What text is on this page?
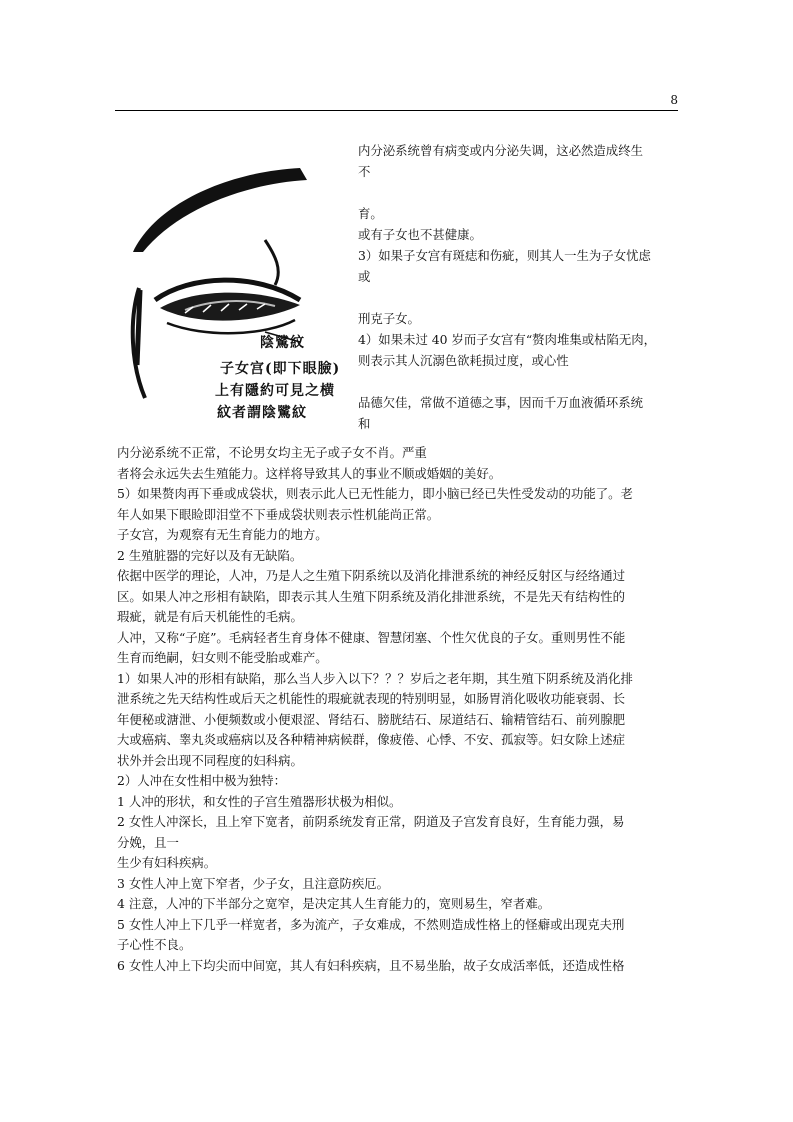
8
陰騭紋
子女宫(即下眼臉)
上有隱約可見之横
紋者謂陰騭紋

内分泌系统曾有病变或内分泌失调，这必然造成终生

不

育。

或有子女也不甚健康。

3）如果子女宫有斑痣和伤疵，则其人一生为子女忧虑

或

刑克子女。

4）如果未过 40 岁而子女宫有“赘肉堆集或枯陷无肉，

则表示其人沉溺色欲耗损过度，或心性

品德欠佳，常做不道德之事，因而千万血液循环系统

和

内分泌系统不正常，不论男女均主无子或子女不肖。严重

者将会永远失去生殖能力。这样将导致其人的事业不顺或婚姻的美好。

5）如果赘肉再下垂或成袋状，则表示此人已无性能力，即小脑已经已失性受发动的功能了。老

年人如果下眼睑即泪堂不下垂成袋状则表示性机能尚正常。

子女宫，为观察有无生育能力的地方。

2 生殖脏器的完好以及有无缺陷。

依据中医学的理论，人冲，乃是人之生殖下阴系统以及消化排泄系统的神经反射区与经络通过

区。如果人冲之形相有缺陷，即表示其人生殖下阴系统及消化排泄系统，不是先天有结构性的

瑕疵，就是有后天机能性的毛病。

人冲，又称“子庭”。毛病轻者生育身体不健康、智慧闭塞、个性欠优良的子女。重则男性不能

生育而绝嗣，妇女则不能受胎或难产。

1）如果人冲的形相有缺陷，那么当人步入以下？？？岁后之老年期，其生殖下阴系统及消化排

泄系统之先天结构性或后天之机能性的瑕疵就表现的特别明显，如肠胃消化吸收功能衰弱、长

年便秘或溏泄、小便频数或小便艰涩、肾结石、膀胱结石、尿道结石、输精管结石、前列腺肥

大或癌病、睾丸炎或癌病以及各种精神病候群，像疲倦、心悸、不安、孤寂等。妇女除上述症

状外并会出现不同程度的妇科病。

2）人冲在女性相中极为独特：

1 人冲的形状，和女性的子宫生殖器形状极为相似。

2 女性人冲深长，且上窄下宽者，前阴系统发育正常，阴道及子宫发育良好，生育能力强，易

分娩，且一

生少有妇科疾病。

3 女性人冲上宽下窄者，少子女，且注意防疾厄。

4 注意，人冲的下半部分之宽窄，是决定其人生育能力的，宽则易生，窄者难。

5 女性人冲上下几乎一样宽者，多为流产，子女难成，不然则造成性格上的怪癖或出现克夫刑

子心性不良。

6 女性人冲上下均尖而中间宽，其人有妇科疾病，且不易坐胎，故子女成活率低，还造成性格
